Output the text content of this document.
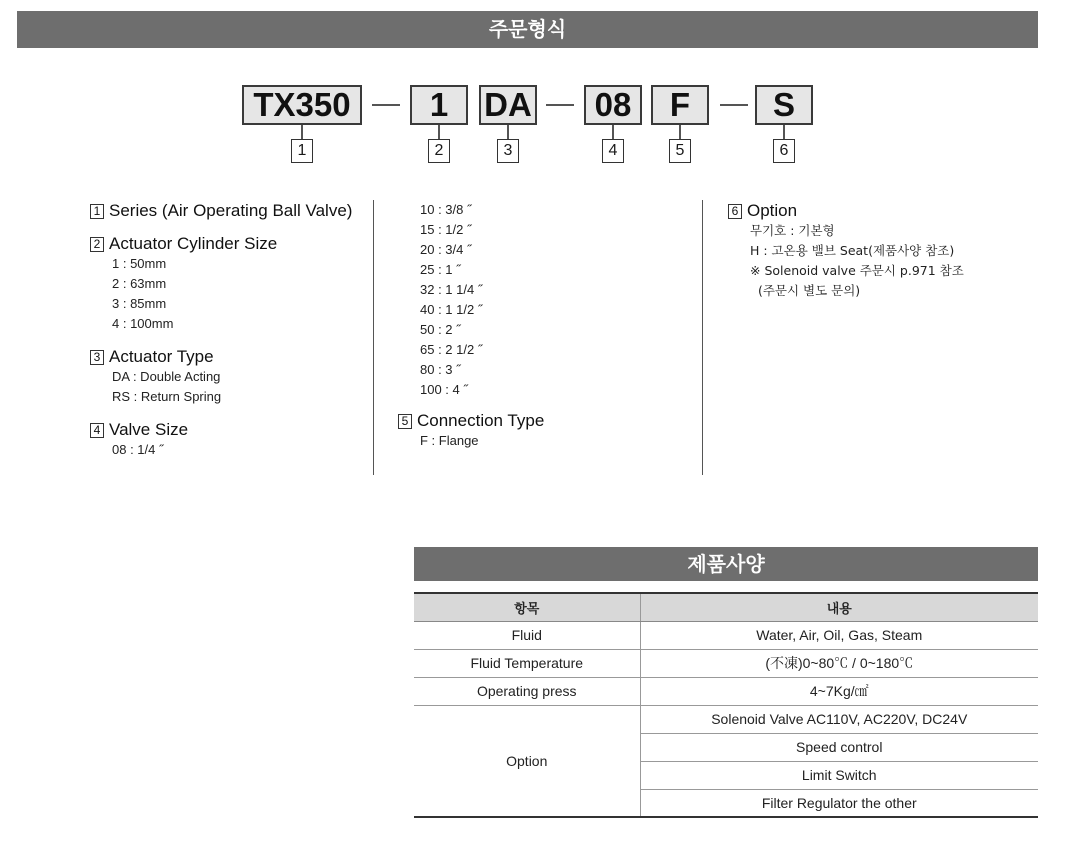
주문형식
TX350	1	DA	08	F	S
1	2	3	4	5	6
1 Series (Air Operating Ball Valve)
2 Actuator Cylinder Size
1 : 50mm
2 : 63mm
3 : 85mm
4 : 100mm
3 Actuator Type
DA : Double Acting
RS : Return Spring
4 Valve Size
08 : 1/4 ˝
10 : 3/8 ˝
15 : 1/2 ˝
20 : 3/4 ˝
25 : 1 ˝
32 : 1 1/4 ˝
40 : 1 1/2 ˝
50 : 2 ˝
65 : 2 1/2 ˝
80 : 3 ˝
100 : 4 ˝
5 Connection Type
F : Flange
6 Option
무기호 : 기본형
H : 고온용 밸브 Seat(제품사양 참조)
※ Solenoid valve 주문시 p.971 참조
(주문시 별도 문의)
제품사양
항목	내용
Fluid	Water, Air, Oil, Gas, Steam
Fluid Temperature	(不凍)0~80℃ / 0~180℃
Operating press	4~7Kg/㎠
Option	Solenoid Valve AC110V, AC220V, DC24V
	Speed control
	Limit Switch
	Filter Regulator the other
